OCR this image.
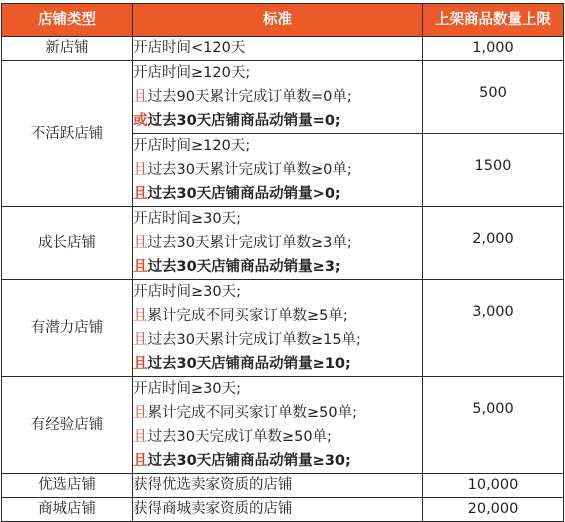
店铺类型	标准	上架商品数量上限
新店铺	开店时间<120天	1,000
不活跃店铺	开店时间≥120天;
且过去90天累计完成订单数=0单;
或过去30天店铺商品动销量=0;	500

	开店时间≥120天;
且过去30天累计完成订单数≥0单;
且过去30天店铺商品动销量>0;	1500
成长店铺	开店时间≥30天;
且过去30天累计完成订单数≥3单;
且过去30天店铺商品动销量≥3;	2,000
有潜力店铺	开店时间≥30天;
且累计完成不同买家订单数≥5单;
且过去30天累计完成订单数≥15单;
且过去30天店铺商品动销量≥10;	3,000
有经验店铺	开店时间≥30天;
且累计完成不同买家订单数≥50单;
且过去30天完成订单数≥50单;
且过去30天店铺商品动销量≥30;	5,000
优选店铺	获得优选卖家资质的店铺	10,000
商城店铺	获得商城卖家资质的店铺	20,000
